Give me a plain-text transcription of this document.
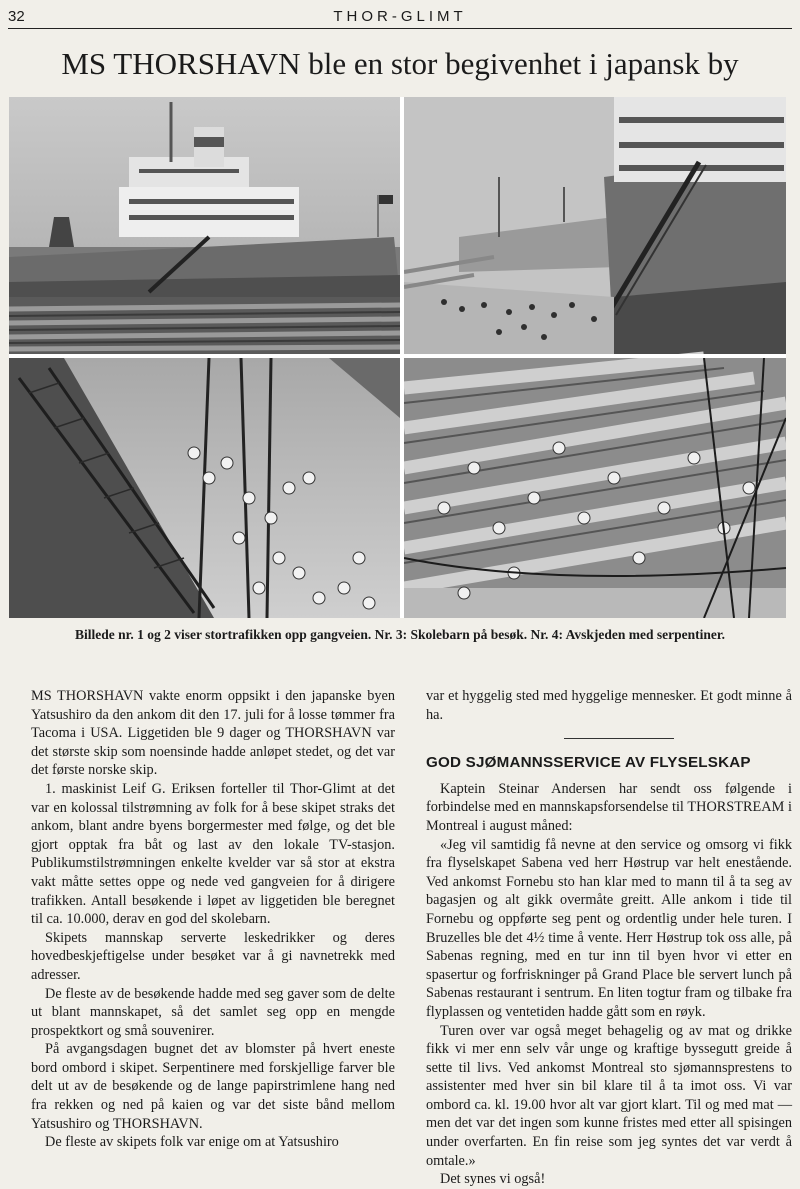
32	THOR-GLIMT
MS THORSHAVN ble en stor begivenhet i japansk by
Billede nr. 1 og 2 viser stortrafikken opp gangveien. Nr. 3: Skolebarn på besøk. Nr. 4: Avskjeden med serpentiner.

MS THORSHAVN vakte enorm oppsikt i den japanske byen Yatsushiro da den ankom dit den 17. juli for å losse tømmer fra Tacoma i USA. Liggetiden ble 9 dager og THORSHAVN var det største skip som noensinde hadde anløpet stedet, og det var det første norske skip.

1. maskinist Leif G. Eriksen forteller til Thor-Glimt at det var en kolossal tilstrømning av folk for å bese skipet straks det ankom, blant andre byens borgermester med følge, og det ble gjort opptak fra båt og last av den lokale TV-stasjon. Publikumstilstrømningen enkelte kvelder var så stor at ekstra vakt måtte settes oppe og nede ved gangveien for å dirigere trafikken. Antall besøkende i løpet av liggetiden ble beregnet til ca. 10.000, derav en god del skolebarn.

Skipets mannskap serverte leskedrikker og deres hovedbeskjeftigelse under besøket var å gi navnetrekk med adresser.

De fleste av de besøkende hadde med seg gaver som de delte ut blant mannskapet, så det samlet seg opp en mengde prospektkort og små souvenirer.

På avgangsdagen bugnet det av blomster på hvert eneste bord ombord i skipet. Serpentinere med forskjellige farver ble delt ut av de besøkende og de lange papirstrimlene hang ned fra rekken og ned på kaien og var det siste bånd mellom Yatsushiro og THORSHAVN.

De fleste av skipets folk var enige om at Yatsushiro

var et hyggelig sted med hyggelige mennesker. Et godt minne å ha.

GOD SJØMANNSSERVICE AV FLYSELSKAP

Kaptein Steinar Andersen har sendt oss følgende i forbindelse med en mannskapsforsendelse til THORSTREAM i Montreal i august måned:

«Jeg vil samtidig få nevne at den service og omsorg vi fikk fra flyselskapet Sabena ved herr Høstrup var helt enestående. Ved ankomst Fornebu sto han klar med to mann til å ta seg av bagasjen og alt gikk overmåte greitt. Alle ankom i tide til Fornebu og oppførte seg pent og ordentlig under hele turen. I Bruzelles ble det 4½ time å vente. Herr Høstrup tok oss alle, på Sabenas regning, med en tur inn til byen hvor vi etter en spasertur og forfriskninger på Grand Place ble servert lunch på Sabenas restaurant i sentrum. En liten togtur fram og tilbake fra flyplassen og ventetiden hadde gått som en røyk.

Turen over var også meget behagelig og av mat og drikke fikk vi mer enn selv vår unge og kraftige byssegutt greide å sette til livs. Ved ankomst Montreal sto sjømannsprestens to assistenter med hver sin bil klare til å ta imot oss. Vi var ombord ca. kl. 19.00 hvor alt var gjort klart. Til og med mat — men det var det ingen som kunne fristes med etter all spisingen under overfarten. En fin reise som jeg syntes det var verdt å omtale.»

Det synes vi også!
